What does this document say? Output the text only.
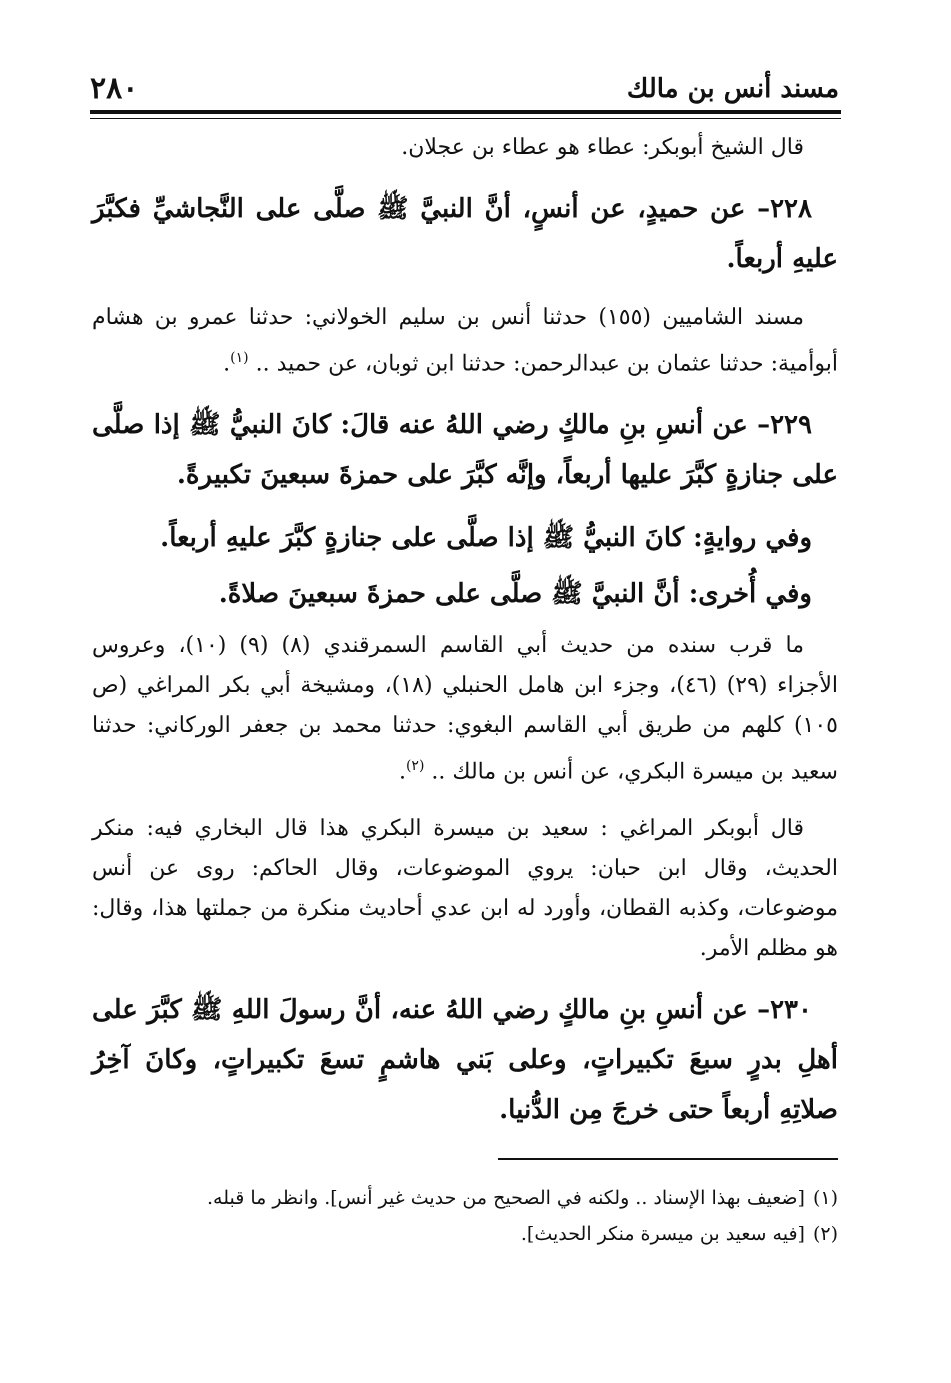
مسند أنس بن مالك
٢٨٠

قال الشيخ أبوبكر: عطاء هو عطاء بن عجلان.

٢٢٨– عن حميدٍ، عن أنسٍ، أنَّ النبيَّ ﷺ صلَّى على النَّجاشيِّ فكبَّرَ عليهِ أربعاً.

مسند الشاميين (١٥٥) حدثنا أنس بن سليم الخولاني: حدثنا عمرو بن هشام أبوأمية: حدثنا عثمان بن عبدالرحمن: حدثنا ابن ثوبان، عن حميد .. $^{(١)}$.

٢٢٩– عن أنسِ بنِ مالكٍ رضي اللهُ عنه قالَ: كانَ النبيُّ ﷺ إذا صلَّى على جنازةٍ كبَّرَ عليها أربعاً، وإنَّه كبَّرَ على حمزةَ سبعينَ تكبيرةً.

وفي روايةٍ: كانَ النبيُّ ﷺ إذا صلَّى على جنازةٍ كبَّرَ عليهِ أربعاً.

وفي أُخرى: أنَّ النبيَّ ﷺ صلَّى على حمزةَ سبعينَ صلاةً.

ما قرب سنده من حديث أبي القاسم السمرقندي (٨) (٩) (١٠)، وعروس الأجزاء (٢٩) (٤٦)، وجزء ابن هامل الحنبلي (١٨)، ومشيخة أبي بكر المراغي (ص ١٠٥) كلهم من طريق أبي القاسم البغوي: حدثنا محمد بن جعفر الوركاني: حدثنا سعيد بن ميسرة البكري، عن أنس بن مالك .. $^{(٢)}$.

قال أبوبكر المراغي : سعيد بن ميسرة البكري هذا قال البخاري فيه: منكر الحديث، وقال ابن حبان: يروي الموضوعات، وقال الحاكم: روى عن أنس موضوعات، وكذبه القطان، وأورد له ابن عدي أحاديث منكرة من جملتها هذا، وقال: هو مظلم الأمر.

٢٣٠– عن أنسِ بنِ مالكٍ رضي اللهُ عنه، أنَّ رسولَ اللهِ ﷺ كبَّرَ على أهلِ بدرٍ سبعَ تكبيراتٍ، وعلى بَني هاشمٍ تسعَ تكبيراتٍ، وكانَ آخِرُ صلاتِهِ أربعاً حتى خرجَ مِن الدُّنيا.

(١)[ضعيف بهذا الإسناد .. ولكنه في الصحيح من حديث غير أنس]. وانظر ما قبله.
(٢)[فيه سعيد بن ميسرة منكر الحديث].
